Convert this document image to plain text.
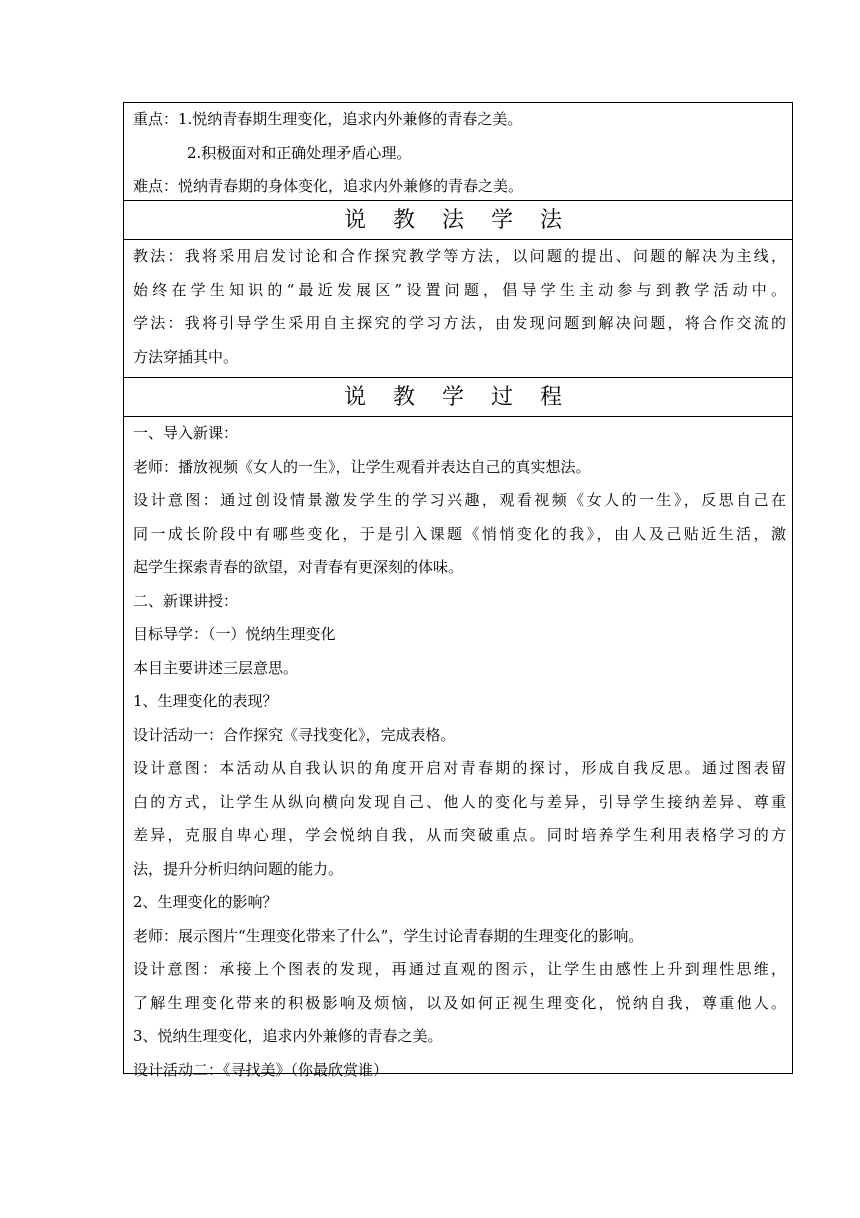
重点：1.悦纳青春期生理变化，追求内外兼修的青春之美。
2.积极面对和正确处理矛盾心理。
难点：悦纳青春期的身体变化，追求内外兼修的青春之美。
说 教 法 学 法
教法：我将采用启发讨论和合作探究教学等方法，以问题的提出、问题的解决为主线，
始终在学生知识的“最近发展区”设置问题，倡导学生主动参与到教学活动中。
学法：我将引导学生采用自主探究的学习方法，由发现问题到解决问题，将合作交流的
方法穿插其中。
说 教 学 过 程
一、导入新课：
老师：播放视频《女人的一生》，让学生观看并表达自己的真实想法。
设计意图：通过创设情景激发学生的学习兴趣，观看视频《女人的一生》，反思自己在
同一成长阶段中有哪些变化，于是引入课题《悄悄变化的我》，由人及己贴近生活，激
起学生探索青春的欲望，对青春有更深刻的体味。
二、新课讲授：
目标导学：（一）悦纳生理变化
本目主要讲述三层意思。
1、生理变化的表现？
设计活动一：合作探究《寻找变化》，完成表格。
设计意图：本活动从自我认识的角度开启对青春期的探讨，形成自我反思。通过图表留
白的方式，让学生从纵向横向发现自己、他人的变化与差异，引导学生接纳差异、尊重
差异，克服自卑心理，学会悦纳自我，从而突破重点。同时培养学生利用表格学习的方
法，提升分析归纳问题的能力。
2、生理变化的影响？
老师：展示图片“生理变化带来了什么”，学生讨论青春期的生理变化的影响。
设计意图：承接上个图表的发现，再通过直观的图示，让学生由感性上升到理性思维，
了解生理变化带来的积极影响及烦恼，以及如何正视生理变化，悦纳自我，尊重他人。
3、悦纳生理变化，追求内外兼修的青春之美。
设计活动二：《寻找美》（你最欣赏谁）
